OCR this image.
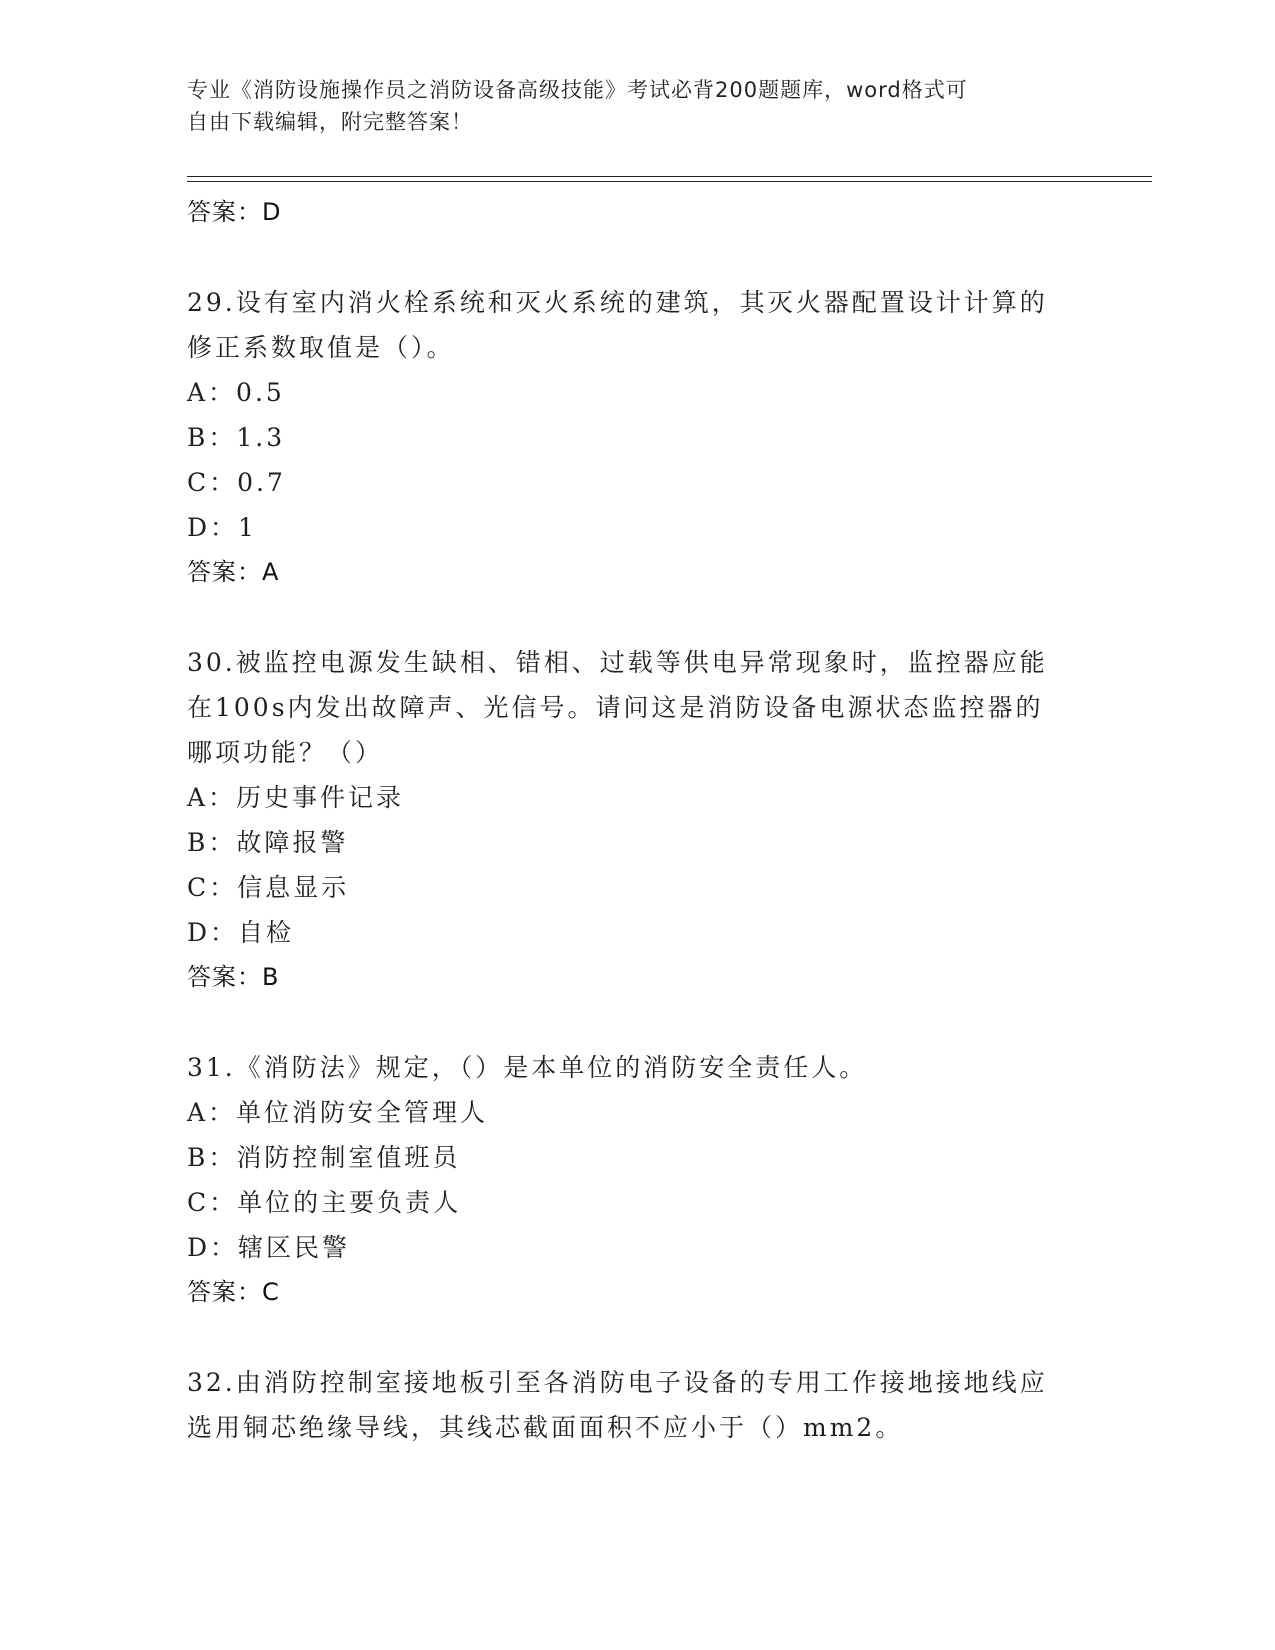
专业《消防设施操作员之消防设备高级技能》考试必背200题题库，word格式可
自由下载编辑，附完整答案！
答案：D
29.设有室内消火栓系统和灭火系统的建筑，其灭火器配置设计计算的
修正系数取值是（）。
A：0.5
B：1.3
C：0.7
D：1
答案：A
30.被监控电源发生缺相、错相、过载等供电异常现象时，监控器应能
在100s内发出故障声、光信号。请问这是消防设备电源状态监控器的
哪项功能？（）
A：历史事件记录
B：故障报警
C：信息显示
D：自检
答案：B
31.《消防法》规定，（）是本单位的消防安全责任人。
A：单位消防安全管理人
B：消防控制室值班员
C：单位的主要负责人
D：辖区民警
答案：C
32.由消防控制室接地板引至各消防电子设备的专用工作接地接地线应
选用铜芯绝缘导线，其线芯截面面积不应小于（）mm2。
